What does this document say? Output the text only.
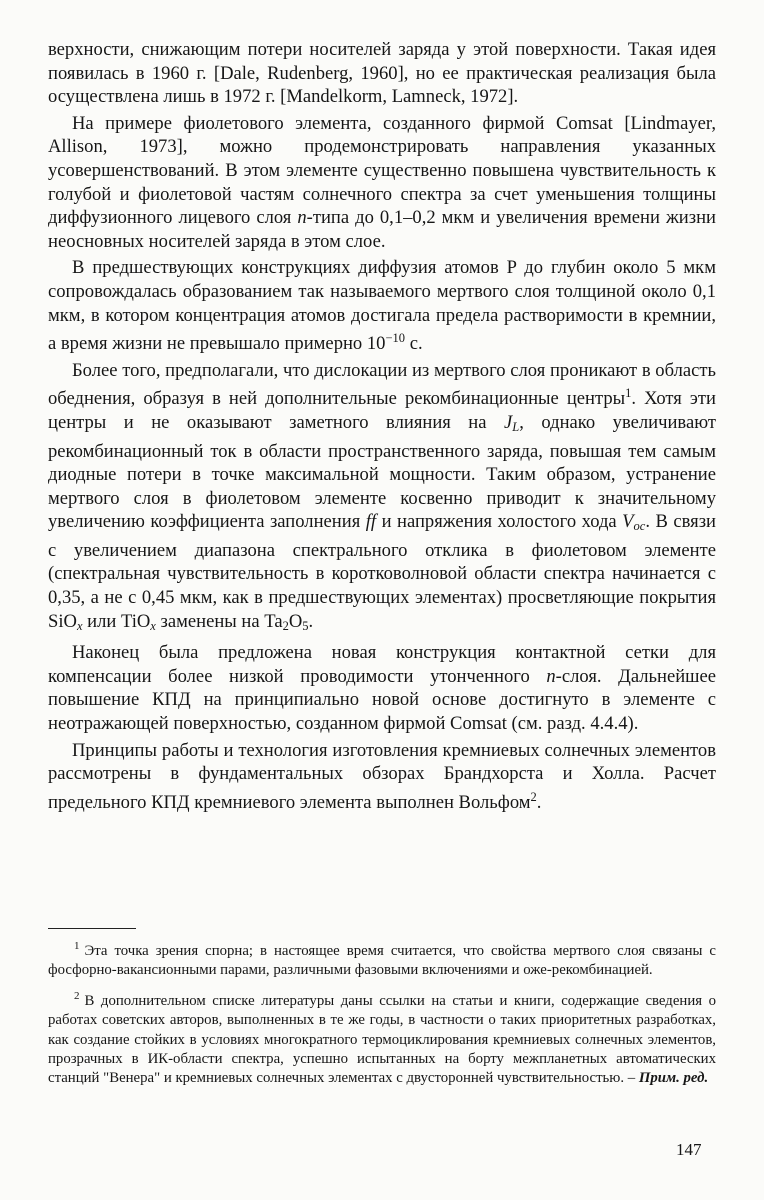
верхности, снижающим потери носителей заряда у этой поверхности. Такая идея появилась в 1960 г. [Dale, Rudenberg, 1960], но ее практическая реализация была осуществлена лишь в 1972 г. [Mandelkorm, Lamneck, 1972].

На примере фиолетового элемента, созданного фирмой Comsat [Lindmayer, Allison, 1973], можно продемонстрировать направления указанных усовершенствований. В этом элементе существенно повышена чувствительность к голубой и фиолетовой частям солнечного спектра за счет уменьшения толщины диффузионного лицевого слоя n-типа до 0,1–0,2 мкм и увеличения времени жизни неосновных носителей заряда в этом слое.

В предшествующих конструкциях диффузия атомов P до глубин около 5 мкм сопровождалась образованием так называемого мертвого слоя толщиной около 0,1 мкм, в котором концентрация атомов достигала предела растворимости в кремнии, а время жизни не превышало примерно $10^{-10}$ с.

Более того, предполагали, что дислокации из мертвого слоя проникают в область обеднения, образуя в ней дополнительные рекомбинационные центры$^1$. Хотя эти центры и не оказывают заметного влияния на $J_L$, однако увеличивают рекомбинационный ток в области пространственного заряда, повышая тем самым диодные потери в точке максимальной мощности. Таким образом, устранение мертвого слоя в фиолетовом элементе косвенно приводит к значительному увеличению коэффициента заполнения ff и напряжения холостого хода $V_{oc}$. В связи с увеличением диапазона спектрального отклика в фиолетовом элементе (спектральная чувствительность в коротковолновой области спектра начинается с 0,35, а не с 0,45 мкм, как в предшествующих элементах) просветляющие покрытия SiO$_x$ или TiO$_x$ заменены на $Ta_2O_5$.

Наконец была предложена новая конструкция контактной сетки для компенсации более низкой проводимости утонченного n-слоя. Дальнейшее повышение КПД на принципиально новой основе достигнуто в элементе с неотражающей поверхностью, созданном фирмой Comsat (см. разд. 4.4.4).

Принципы работы и технология изготовления кремниевых солнечных элементов рассмотрены в фундаментальных обзорах Брандхорста и Холла. Расчет предельного КПД кремниевого элемента выполнен Вольфом$^2$.

$^1$ Эта точка зрения спорна; в настоящее время считается, что свойства мертвого слоя связаны с фосфорно-вакансионными парами, различными фазовыми включениями и оже-рекомбинацией.

$^2$ В дополнительном списке литературы даны ссылки на статьи и книги, содержащие сведения о работах советских авторов, выполненных в те же годы, в частности о таких приоритетных разработках, как создание стойких в условиях многократного термоциклирования кремниевых солнечных элементов, прозрачных в ИК-области спектра, успешно испытанных на борту межпланетных автоматических станций "Венера" и кремниевых солнечных элементах с двусторонней чувствительностью. – Прим. ред.

147
